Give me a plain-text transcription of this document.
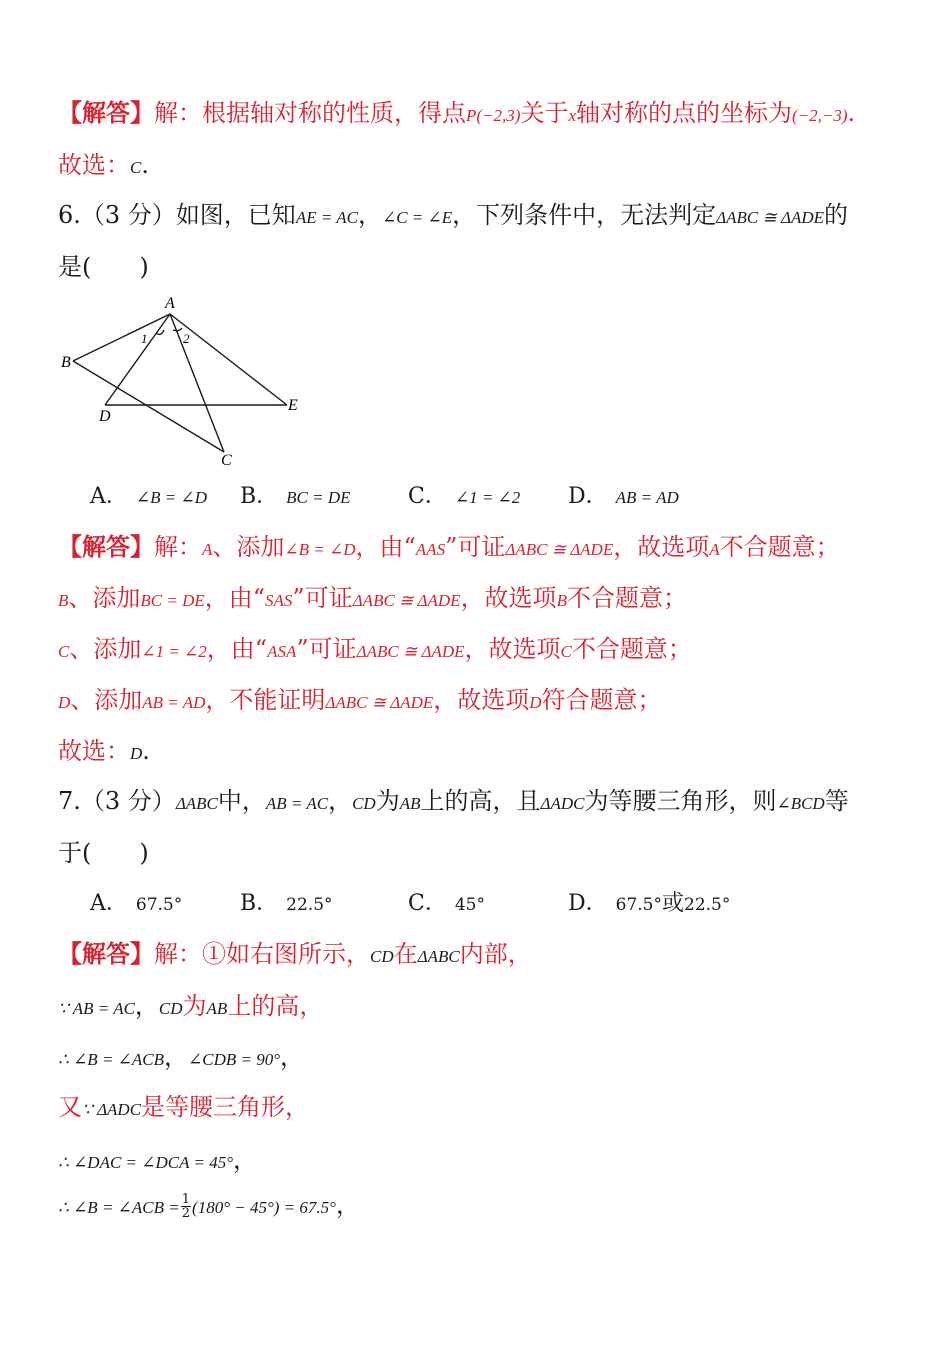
【解答】解：根据轴对称的性质，得点P(−2,3)关于x轴对称的点的坐标为(−2,−3).
故选：C.
6.（3 分）如图，已知AE = AC，∠C = ∠E，下列条件中，无法判定ΔABC ≅ ΔADE的
是(　　)
A
B
D
E
C
1	2
A． ∠B = ∠D B． BC = DE	C． ∠1 = ∠2 D． AB = AD
【解答】解：A、添加∠B = ∠D，由“AAS”可证ΔABC ≅ ΔADE，故选项A不合题意；
B、添加BC = DE，由“SAS”可证ΔABC ≅ ΔADE，故选项B不合题意；
C、添加∠1 = ∠2，由“ASA”可证ΔABC ≅ ΔADE，故选项C不合题意；
D、添加AB = AD，不能证明ΔABC ≅ ΔADE，故选项D符合题意；
故选：D.
7.（3 分）ΔABC中，AB = AC，CD为AB上的高，且ΔADC为等腰三角形，则∠BCD等
于(　　)
A． 67.5°	B． 22.5°	C． 45°	D． 67.5°或22.5°
【解答】解：①如右图所示，CD在ΔABC内部，
∵ AB = AC，CD为AB上的高，
∴ ∠B = ∠ACB，∠CDB = 90°，
又∵ ΔADC是等腰三角形，
∴ ∠DAC = ∠DCA = 45°，
∴ ∠B = ∠ACB = $\frac{1}{2} (180^\circ - 45^\circ) = 67.5^\circ$，
